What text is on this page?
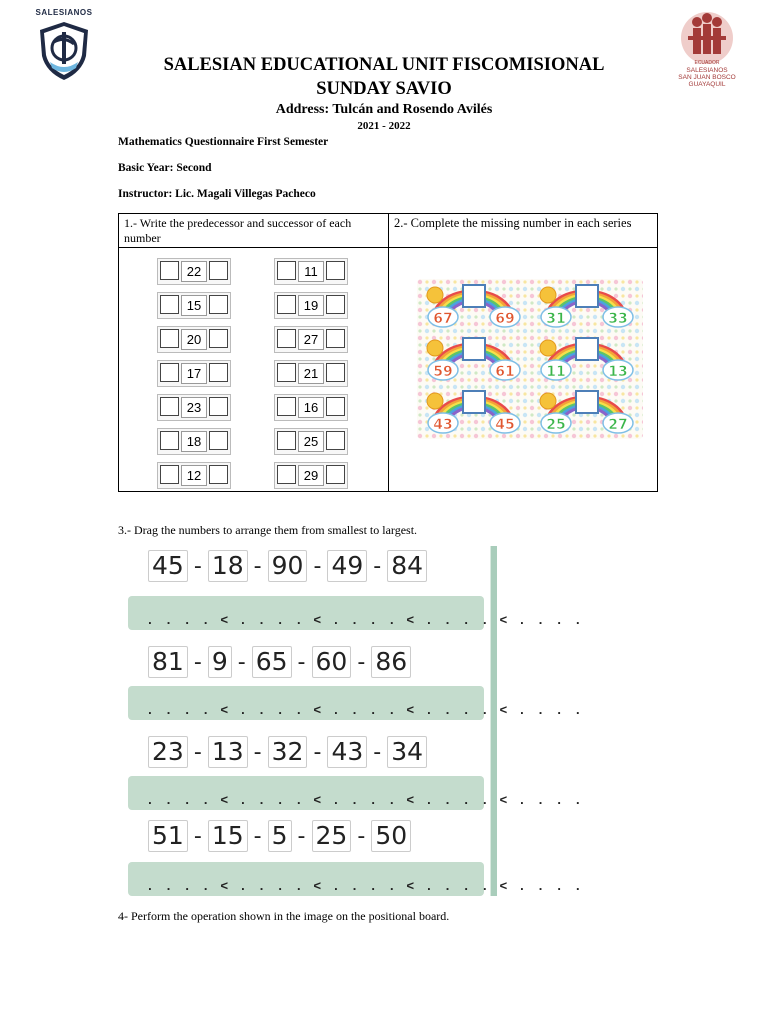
SALESIANOS
ECUADOR
SALESIANOS
SAN JUAN BOSCO
GUAYAQUIL
SALESIAN EDUCATIONAL UNIT FISCOMISIONAL
SUNDAY SAVIO
Address: Tulcán and Rosendo Avilés
2021 - 2022
Mathematics Questionnaire First Semester
Basic Year: Second
Instructor: Lic. Magali Villegas Pacheco
1.- Write the predecessor and successor of each number
2.- Complete the missing number in each series
22	11
15	19
20	27
17	21
23	16
18	25
12	29
67	69 31	33
59	61 11	13
43	45 25	27
3.- Drag the numbers to arrange them from smallest to largest.
45 - 18 - 90 - 49 - 84
. . . . < . . . . < . . . . < . . . . < . . . .
81 - 9 - 65 - 60 - 86
. . . . < . . . . < . . . . < . . . . < . . . .
23 - 13 - 32 - 43 - 34
. . . . < . . . . < . . . . < . . . . < . . . .
51 - 15 - 5 - 25 - 50
. . . . < . . . . < . . . . < . . . . < . . . .
4- Perform the operation shown in the image on the positional board.
